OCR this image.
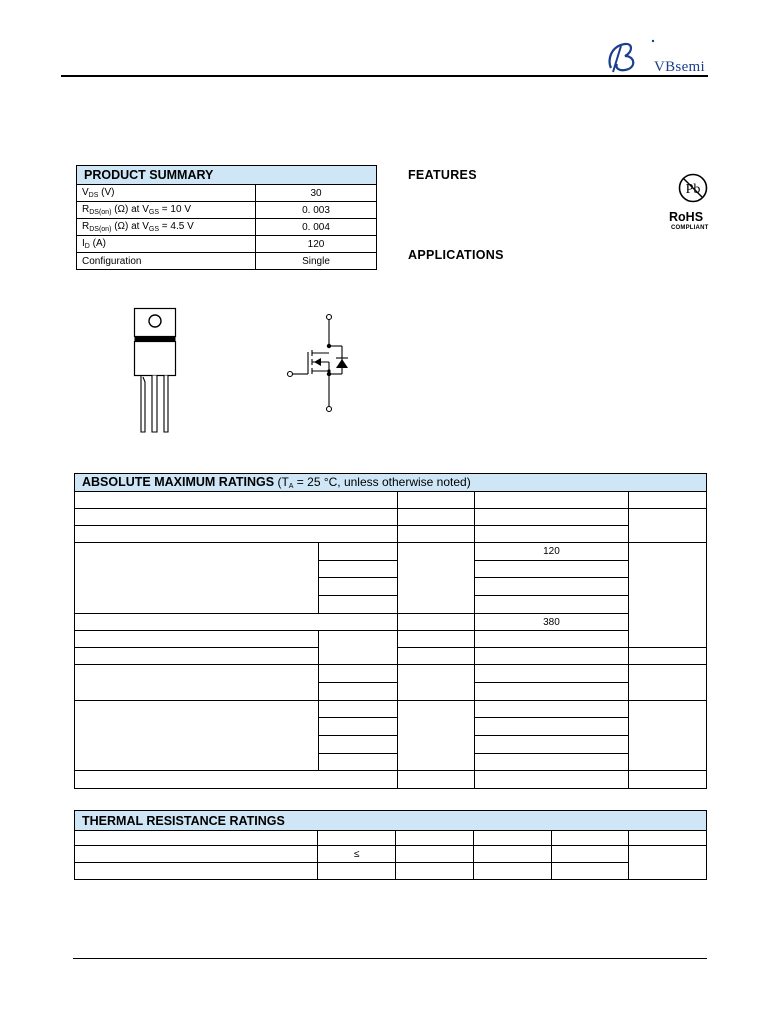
VBsemi
PRODUCT SUMMARY	
$V_{DS}$ (V)	30
$R_{DS(on)}$ (Ω) at $V_{GS} = 10$ V	0. 003
$R_{DS(on)}$ (Ω) at $V_{GS} = 4.5$ V	0. 004
$I_D$ (A)	120
Configuration	Single
FEATURES
APPLICATIONS
Pb
RoHS
COMPLIANT
ABSOLUTE MAXIMUM RATINGS ($T_A = 25$ °C, unless otherwise noted)				

			120	

			380	

THERMAL RESISTANCE RATINGS					

	≤				
